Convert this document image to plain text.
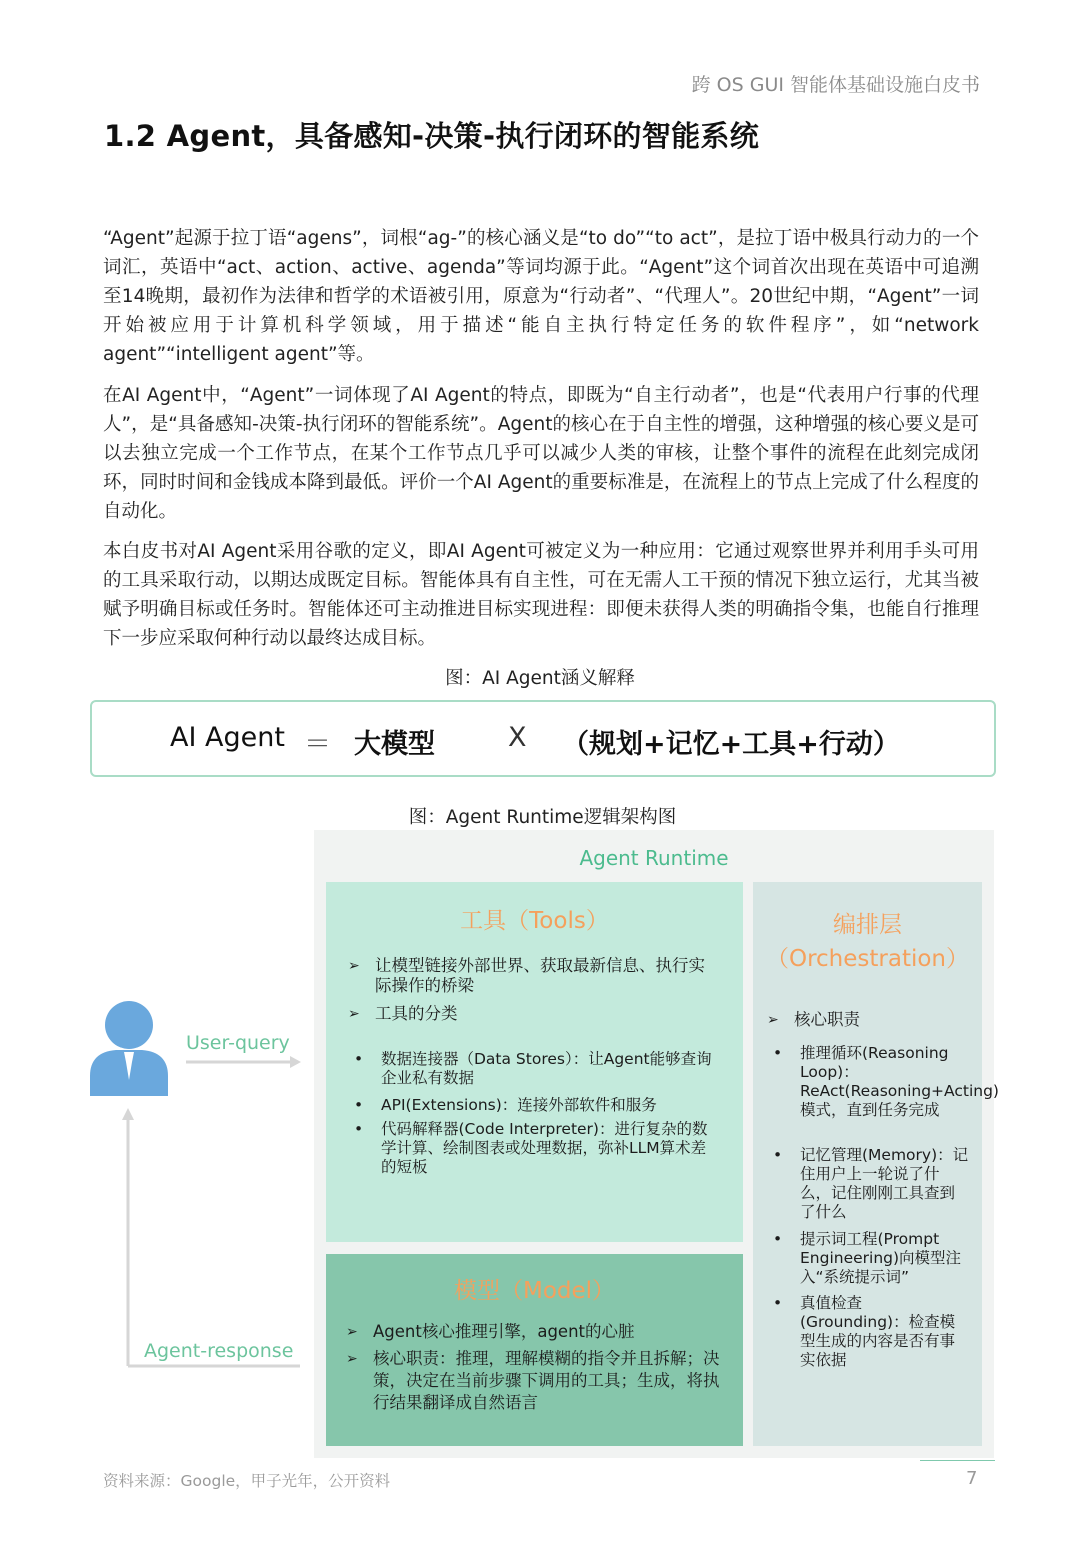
跨 OS GUI 智能体基础设施白皮书
1.2 Agent，具备感知-决策-执行闭环的智能系统

“Agent”起源于拉丁语“agens”，词根“ag-”的核心涵义是“to do”“to act”，是拉丁语中极具行动力的一个词汇，英语中“act、action、active、agenda”等词均源于此。“Agent”这个词首次出现在英语中可追溯至14晚期，最初作为法律和哲学的术语被引用，原意为“行动者”、“代理人”。20世纪中期，“Agent”一词开始被应用于计算机科学领域，用于描述“能自主执行特定任务的软件程序”，如“network agent”“intelligent agent”等。

在AI Agent中，“Agent”一词体现了AI Agent的特点，即既为“自主行动者”，也是“代表用户行事的代理人”，是“具备感知-决策-执行闭环的智能系统”。Agent的核心在于自主性的增强，这种增强的核心要义是可以去独立完成一个工作节点，在某个工作节点几乎可以减少人类的审核，让整个事件的流程在此刻完成闭环，同时时间和金钱成本降到最低。评价一个AI Agent的重要标准是，在流程上的节点上完成了什么程度的自动化。

本白皮书对AI Agent采用谷歌的定义，即AI Agent可被定义为一种应用：它通过观察世界并利用手头可用的工具采取行动，以期达成既定目标。智能体具有自主性，可在无需人工干预的情况下独立运行，尤其当被赋予明确目标或任务时。智能体还可主动推进目标实现进程：即便未获得人类的明确指令集，也能自行推理下一步应采取何种行动以最终达成目标。

图：AI Agent涵义解释
AI Agent ＝ 大模型	X （规划+记忆+工具+行动）
图：Agent Runtime逻辑架构图
User-query
Agent-response
Agent Runtime
工具（Tools）
➢ 让模型链接外部世界、获取最新信息、执行实际操作的桥梁
➢ 工具的分类
• 数据连接器（Data Stores）：让Agent能够查询企业私有数据
• API(Extensions)：连接外部软件和服务
• 代码解释器(Code Interpreter)：进行复杂的数学计算、绘制图表或处理数据，弥补LLM算术差的短板
模型（Model）
➢ Agent核心推理引擎，agent的心脏
➢ 核心职责：推理，理解模糊的指令并且拆解；决策，决定在当前步骤下调用的工具；生成，将执行结果翻译成自然语言
编排层（Orchestration）
➢ 核心职责
• 推理循环(Reasoning Loop)：ReAct(Reasoning+Acting)模式，直到任务完成
• 记忆管理(Memory)：记住用户上一轮说了什么，记住刚刚工具查到了什么
• 提示词工程(Prompt Engineering)向模型注入“系统提示词”
• 真值检查 (Grounding)：检查模型生成的内容是否有事实依据
资料来源：Google，甲子光年，公开资料	7
